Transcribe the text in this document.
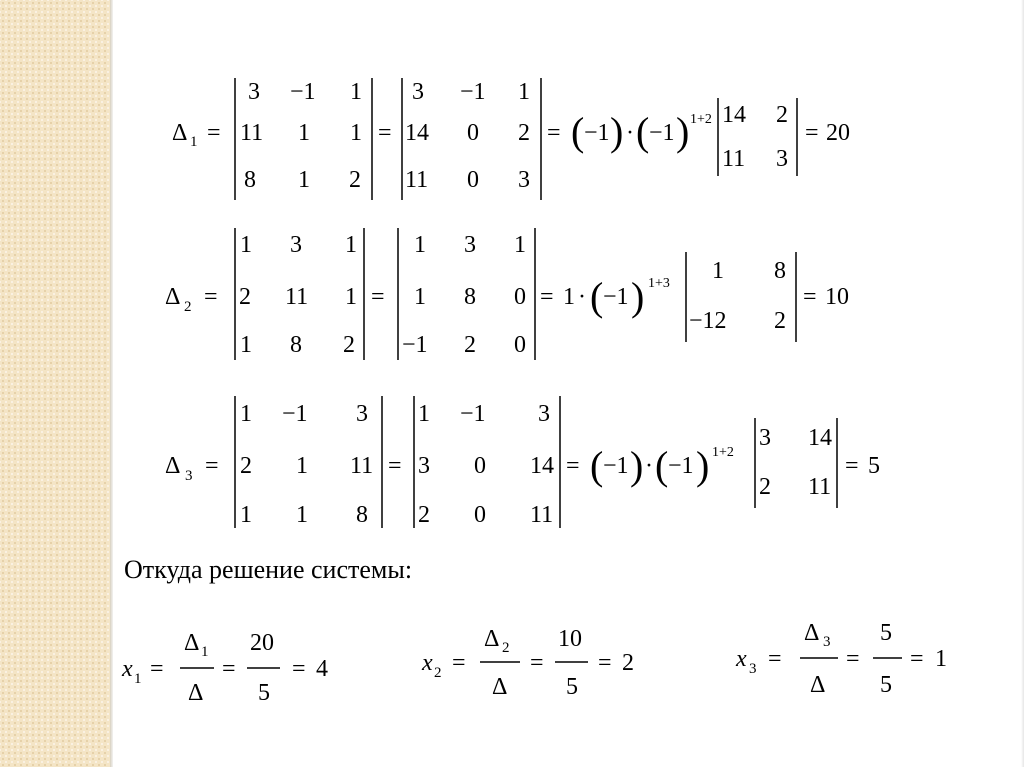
Δ 1 =
3 −1 1
11 1 1
8 1 2
=
3 −1 1
14 0 2
11 0 3
= ( −1 ) · ( −1 ) 1+2 14 2
11 3
= 20
Δ 2 =
1 3 1
2 11 1
1 8 2
=
1 3 1
1 8 0
−1 2 0
= 1 · ( −1 ) 1+3 1 8
−12 2
= 10
Δ 3 =
1 −1 3
2 1 11
1 1 8
=
1 −1 3
3 0 14
2 0 11
= ( −1 ) · ( −1 ) 1+2
3 14
2 11
= 5
x 1 =
Δ 1
Δ
=
20
5
= 4	x 2 =
Δ 2
Δ
=
10
5
= 2	x 3 =
Δ 3
Δ
=
5
5
= 1
Откуда решение системы:
